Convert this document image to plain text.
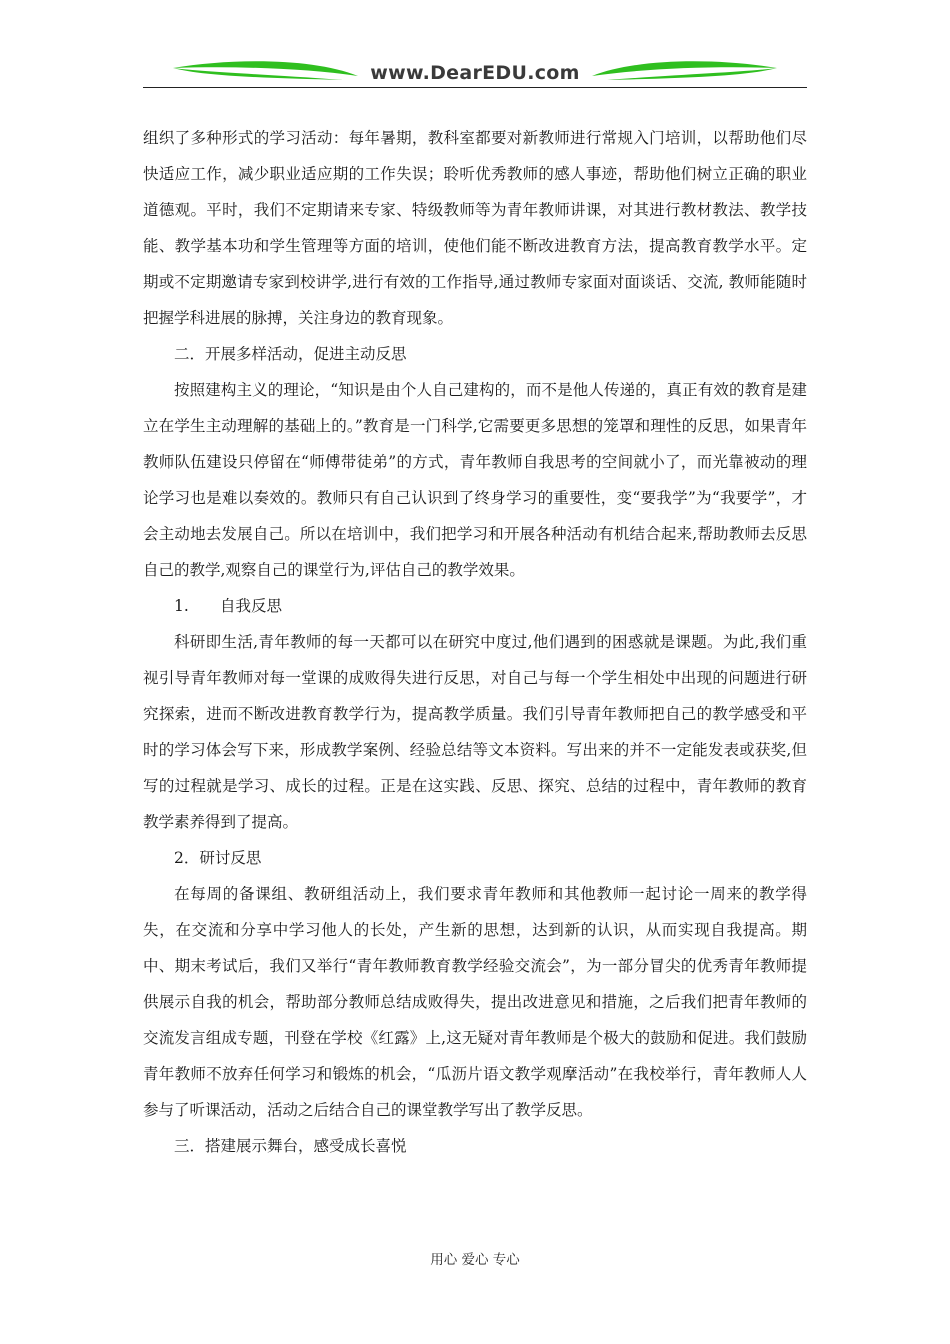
www.DearEDU.com

组织了多种形式的学习活动：每年暑期，教科室都要对新教师进行常规入门培训，以帮助他们尽快适应工作，减少职业适应期的工作失误；聆听优秀教师的感人事迹，帮助他们树立正确的职业道德观。平时，我们不定期请来专家、特级教师等为青年教师讲课，对其进行教材教法、教学技能、教学基本功和学生管理等方面的培训，使他们能不断改进教育方法，提高教育教学水平。定期或不定期邀请专家到校讲学,进行有效的工作指导,通过教师专家面对面谈话、交流, 教师能随时把握学科进展的脉搏，关注身边的教育现象。

二．开展多样活动，促进主动反思

按照建构主义的理论，“知识是由个人自己建构的，而不是他人传递的，真正有效的教育是建立在学生主动理解的基础上的。”教育是一门科学,它需要更多思想的笼罩和理性的反思，如果青年教师队伍建设只停留在“师傅带徒弟”的方式，青年教师自我思考的空间就小了，而光靠被动的理论学习也是难以奏效的。教师只有自己认识到了终身学习的重要性，变“要我学”为“我要学”，才会主动地去发展自己。所以在培训中，我们把学习和开展各种活动有机结合起来,帮助教师去反思自己的教学,观察自己的课堂行为,评估自己的教学效果。

1. 自我反思

科研即生活,青年教师的每一天都可以在研究中度过,他们遇到的困惑就是课题。为此,我们重视引导青年教师对每一堂课的成败得失进行反思，对自己与每一个学生相处中出现的问题进行研究探索，进而不断改进教育教学行为，提高教学质量。我们引导青年教师把自己的教学感受和平时的学习体会写下来，形成教学案例、经验总结等文本资料。写出来的并不一定能发表或获奖,但写的过程就是学习、成长的过程。正是在这实践、反思、探究、总结的过程中，青年教师的教育教学素养得到了提高。

2．研讨反思

在每周的备课组、教研组活动上，我们要求青年教师和其他教师一起讨论一周来的教学得失，在交流和分享中学习他人的长处，产生新的思想，达到新的认识，从而实现自我提高。期中、期末考试后，我们又举行“青年教师教育教学经验交流会”，为一部分冒尖的优秀青年教师提供展示自我的机会，帮助部分教师总结成败得失，提出改进意见和措施，之后我们把青年教师的交流发言组成专题，刊登在学校《红露》上,这无疑对青年教师是个极大的鼓励和促进。我们鼓励青年教师不放弃任何学习和锻炼的机会，“瓜沥片语文教学观摩活动”在我校举行，青年教师人人参与了听课活动，活动之后结合自己的课堂教学写出了教学反思。

三．搭建展示舞台，感受成长喜悦

用心 爱心 专心
